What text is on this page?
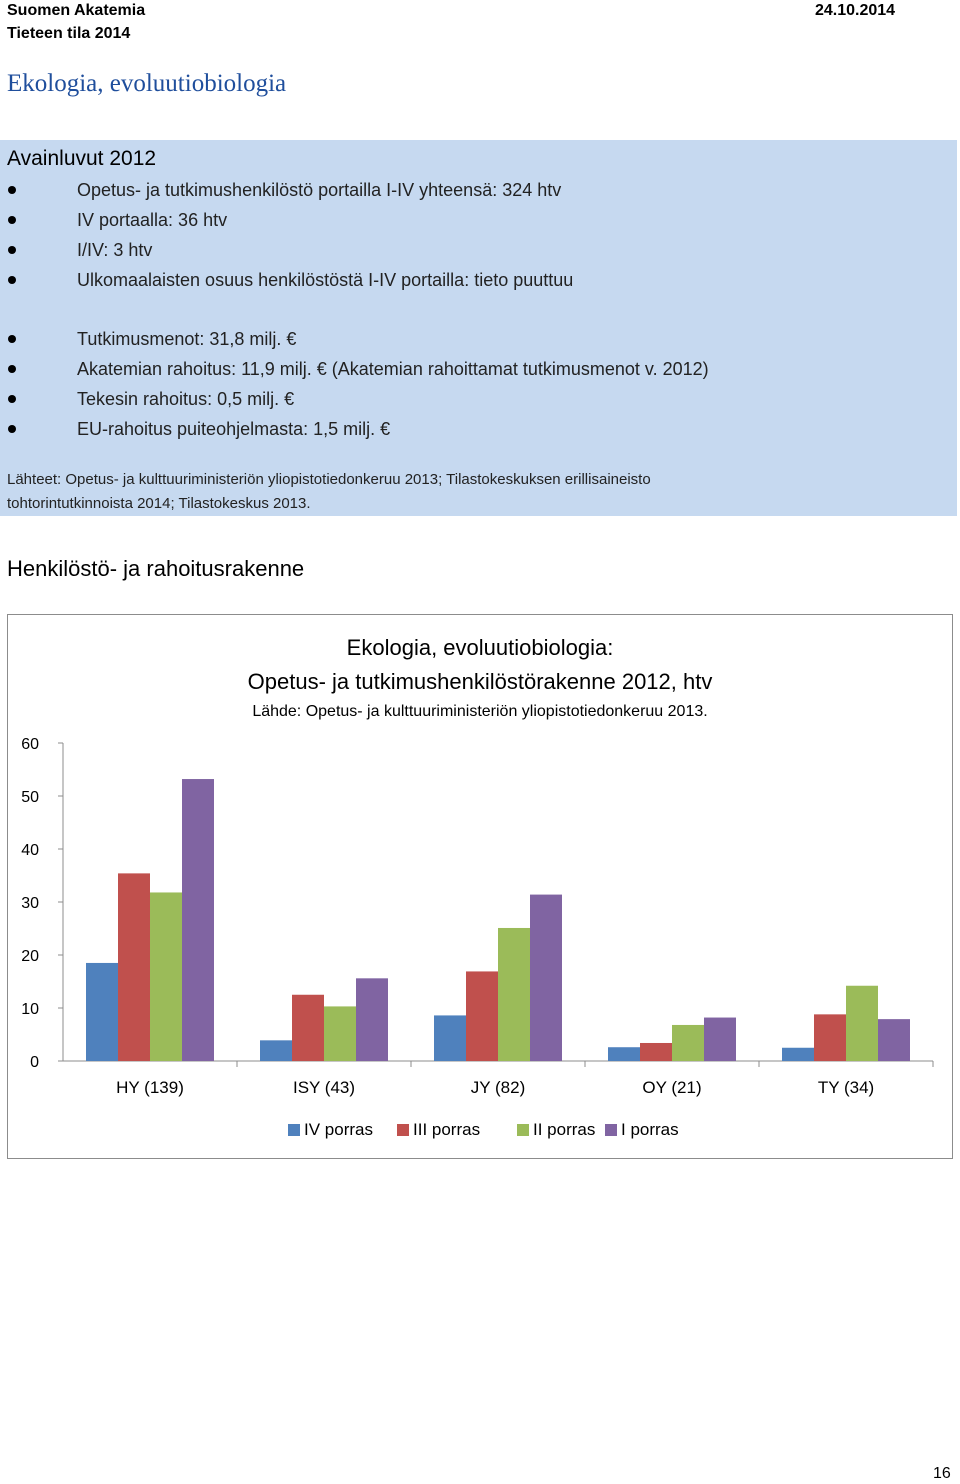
Suomen Akatemia
Tieteen tila 2014
24.10.2014
Ekologia, evoluutiobiologia
Avainluvut 2012
Opetus- ja tutkimushenkilöstö portailla I-IV yhteensä: 324 htv
IV portaalla: 36 htv
I/IV: 3 htv
Ulkomaalaisten osuus henkilöstöstä I-IV portailla: tieto puuttuu
Tutkimusmenot: 31,8 milj. €
Akatemian rahoitus: 11,9 milj. € (Akatemian rahoittamat tutkimusmenot v. 2012)
Tekesin rahoitus: 0,5 milj. €
EU-rahoitus puiteohjelmasta: 1,5 milj. €
Lähteet: Opetus- ja kulttuuriministeriön yliopistotiedonkeruu 2013; Tilastokeskuksen erillisaineisto
tohtorintutkinnoista 2014; Tilastokeskus 2013.
Henkilöstö- ja rahoitusrakenne
Ekologia, evoluutiobiologia:
Opetus- ja tutkimushenkilöstörakenne 2012, htv
Lähde: Opetus- ja kulttuuriministeriön yliopistotiedonkeruu 2013.
0
10
20
30
40
50
60
HY (139)	ISY (43)	JY (82)	OY (21)	TY (34)
IV porras III porras	II porras I porras
16
